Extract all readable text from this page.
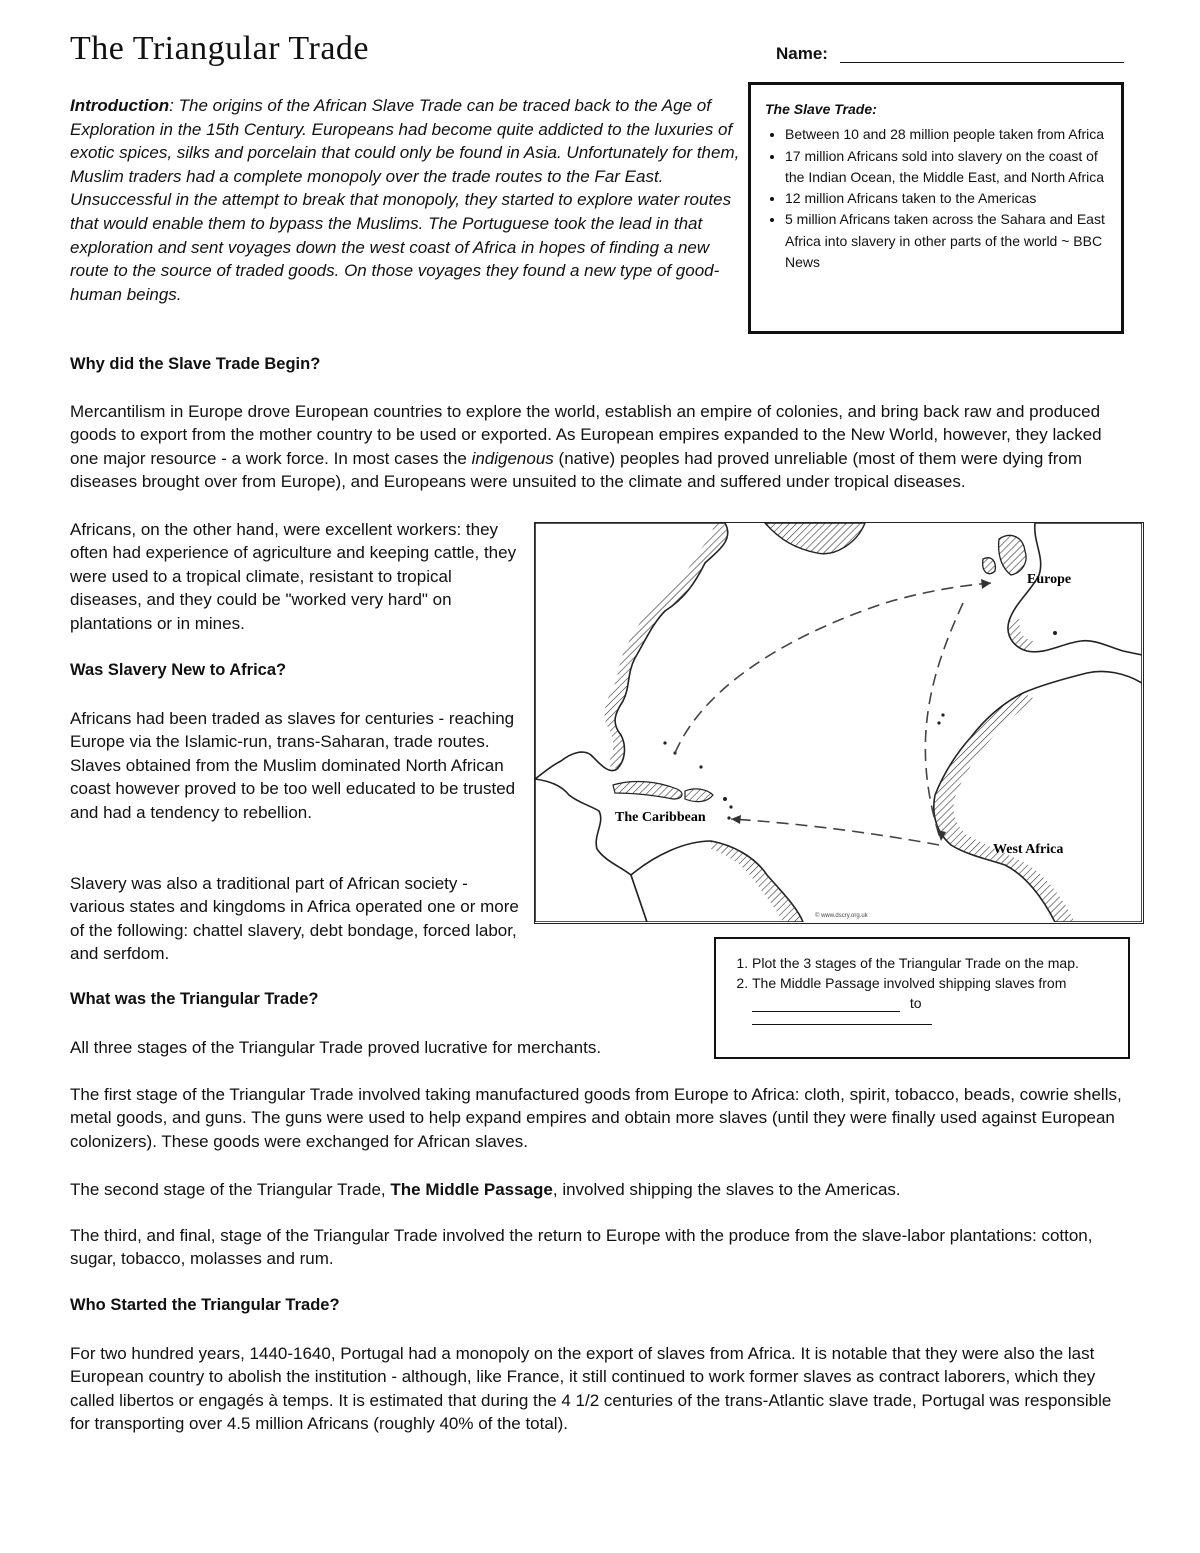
The Triangular Trade	Name:

Introduction: The origins of the African Slave Trade can be traced back to the Age of Exploration in the 15th Century. Europeans had become quite addicted to the luxuries of exotic spices, silks and porcelain that could only be found in Asia. Unfortunately for them, Muslim traders had a complete monopoly over the trade routes to the Far East. Unsuccessful in the attempt to break that monopoly, they started to explore water routes that would enable them to bypass the Muslims. The Portuguese took the lead in that exploration and sent voyages down the west coast of Africa in hopes of finding a new route to the source of traded goods. On those voyages they found a new type of good- human beings.

The Slave Trade:
• Between 10 and 28 million people taken from Africa
• 17 million Africans sold into slavery on the coast of the Indian Ocean, the Middle East, and North Africa
• 12 million Africans taken to the Americas
• 5 million Africans taken across the Sahara and East Africa into slavery in other parts of the world ~ BBC News
Why did the Slave Trade Begin?

Mercantilism in Europe drove European countries to explore the world, establish an empire of colonies, and bring back raw and produced goods to export from the mother country to be used or exported. As European empires expanded to the New World, however, they lacked one major resource - a work force. In most cases the indigenous (native) peoples had proved unreliable (most of them were dying from diseases brought over from Europe), and Europeans were unsuited to the climate and suffered under tropical diseases.

Africans, on the other hand, were excellent workers: they often had experience of agriculture and keeping cattle, they were used to a tropical climate, resistant to tropical diseases, and they could be "worked very hard" on plantations or in mines.

Was Slavery New to Africa?

Africans had been traded as slaves for centuries - reaching Europe via the Islamic-run, trans-Saharan, trade routes. Slaves obtained from the Muslim dominated North African coast however proved to be too well educated to be trusted and had a tendency to rebellion.

Slavery was also a traditional part of African society - various states and kingdoms in Africa operated one or more of the following: chattel slavery, debt bondage, forced labor, and serfdom.

Europe
The Caribbean
West Africa
© www.dscry.org.uk
1. Plot the 3 stages of the Triangular Trade on the map.
2. The Middle Passage involved shipping slaves from
to
What was the Triangular Trade?

All three stages of the Triangular Trade proved lucrative for merchants.

The first stage of the Triangular Trade involved taking manufactured goods from Europe to Africa: cloth, spirit, tobacco, beads, cowrie shells, metal goods, and guns. The guns were used to help expand empires and obtain more slaves (until they were finally used against European colonizers). These goods were exchanged for African slaves.

The second stage of the Triangular Trade, The Middle Passage, involved shipping the slaves to the Americas.

The third, and final, stage of the Triangular Trade involved the return to Europe with the produce from the slave-labor plantations: cotton, sugar, tobacco, molasses and rum.

Who Started the Triangular Trade?

For two hundred years, 1440-1640, Portugal had a monopoly on the export of slaves from Africa. It is notable that they were also the last European country to abolish the institution - although, like France, it still continued to work former slaves as contract laborers, which they called libertos or engagés à temps. It is estimated that during the 4 1/2 centuries of the trans-Atlantic slave trade, Portugal was responsible for transporting over 4.5 million Africans (roughly 40% of the total).
